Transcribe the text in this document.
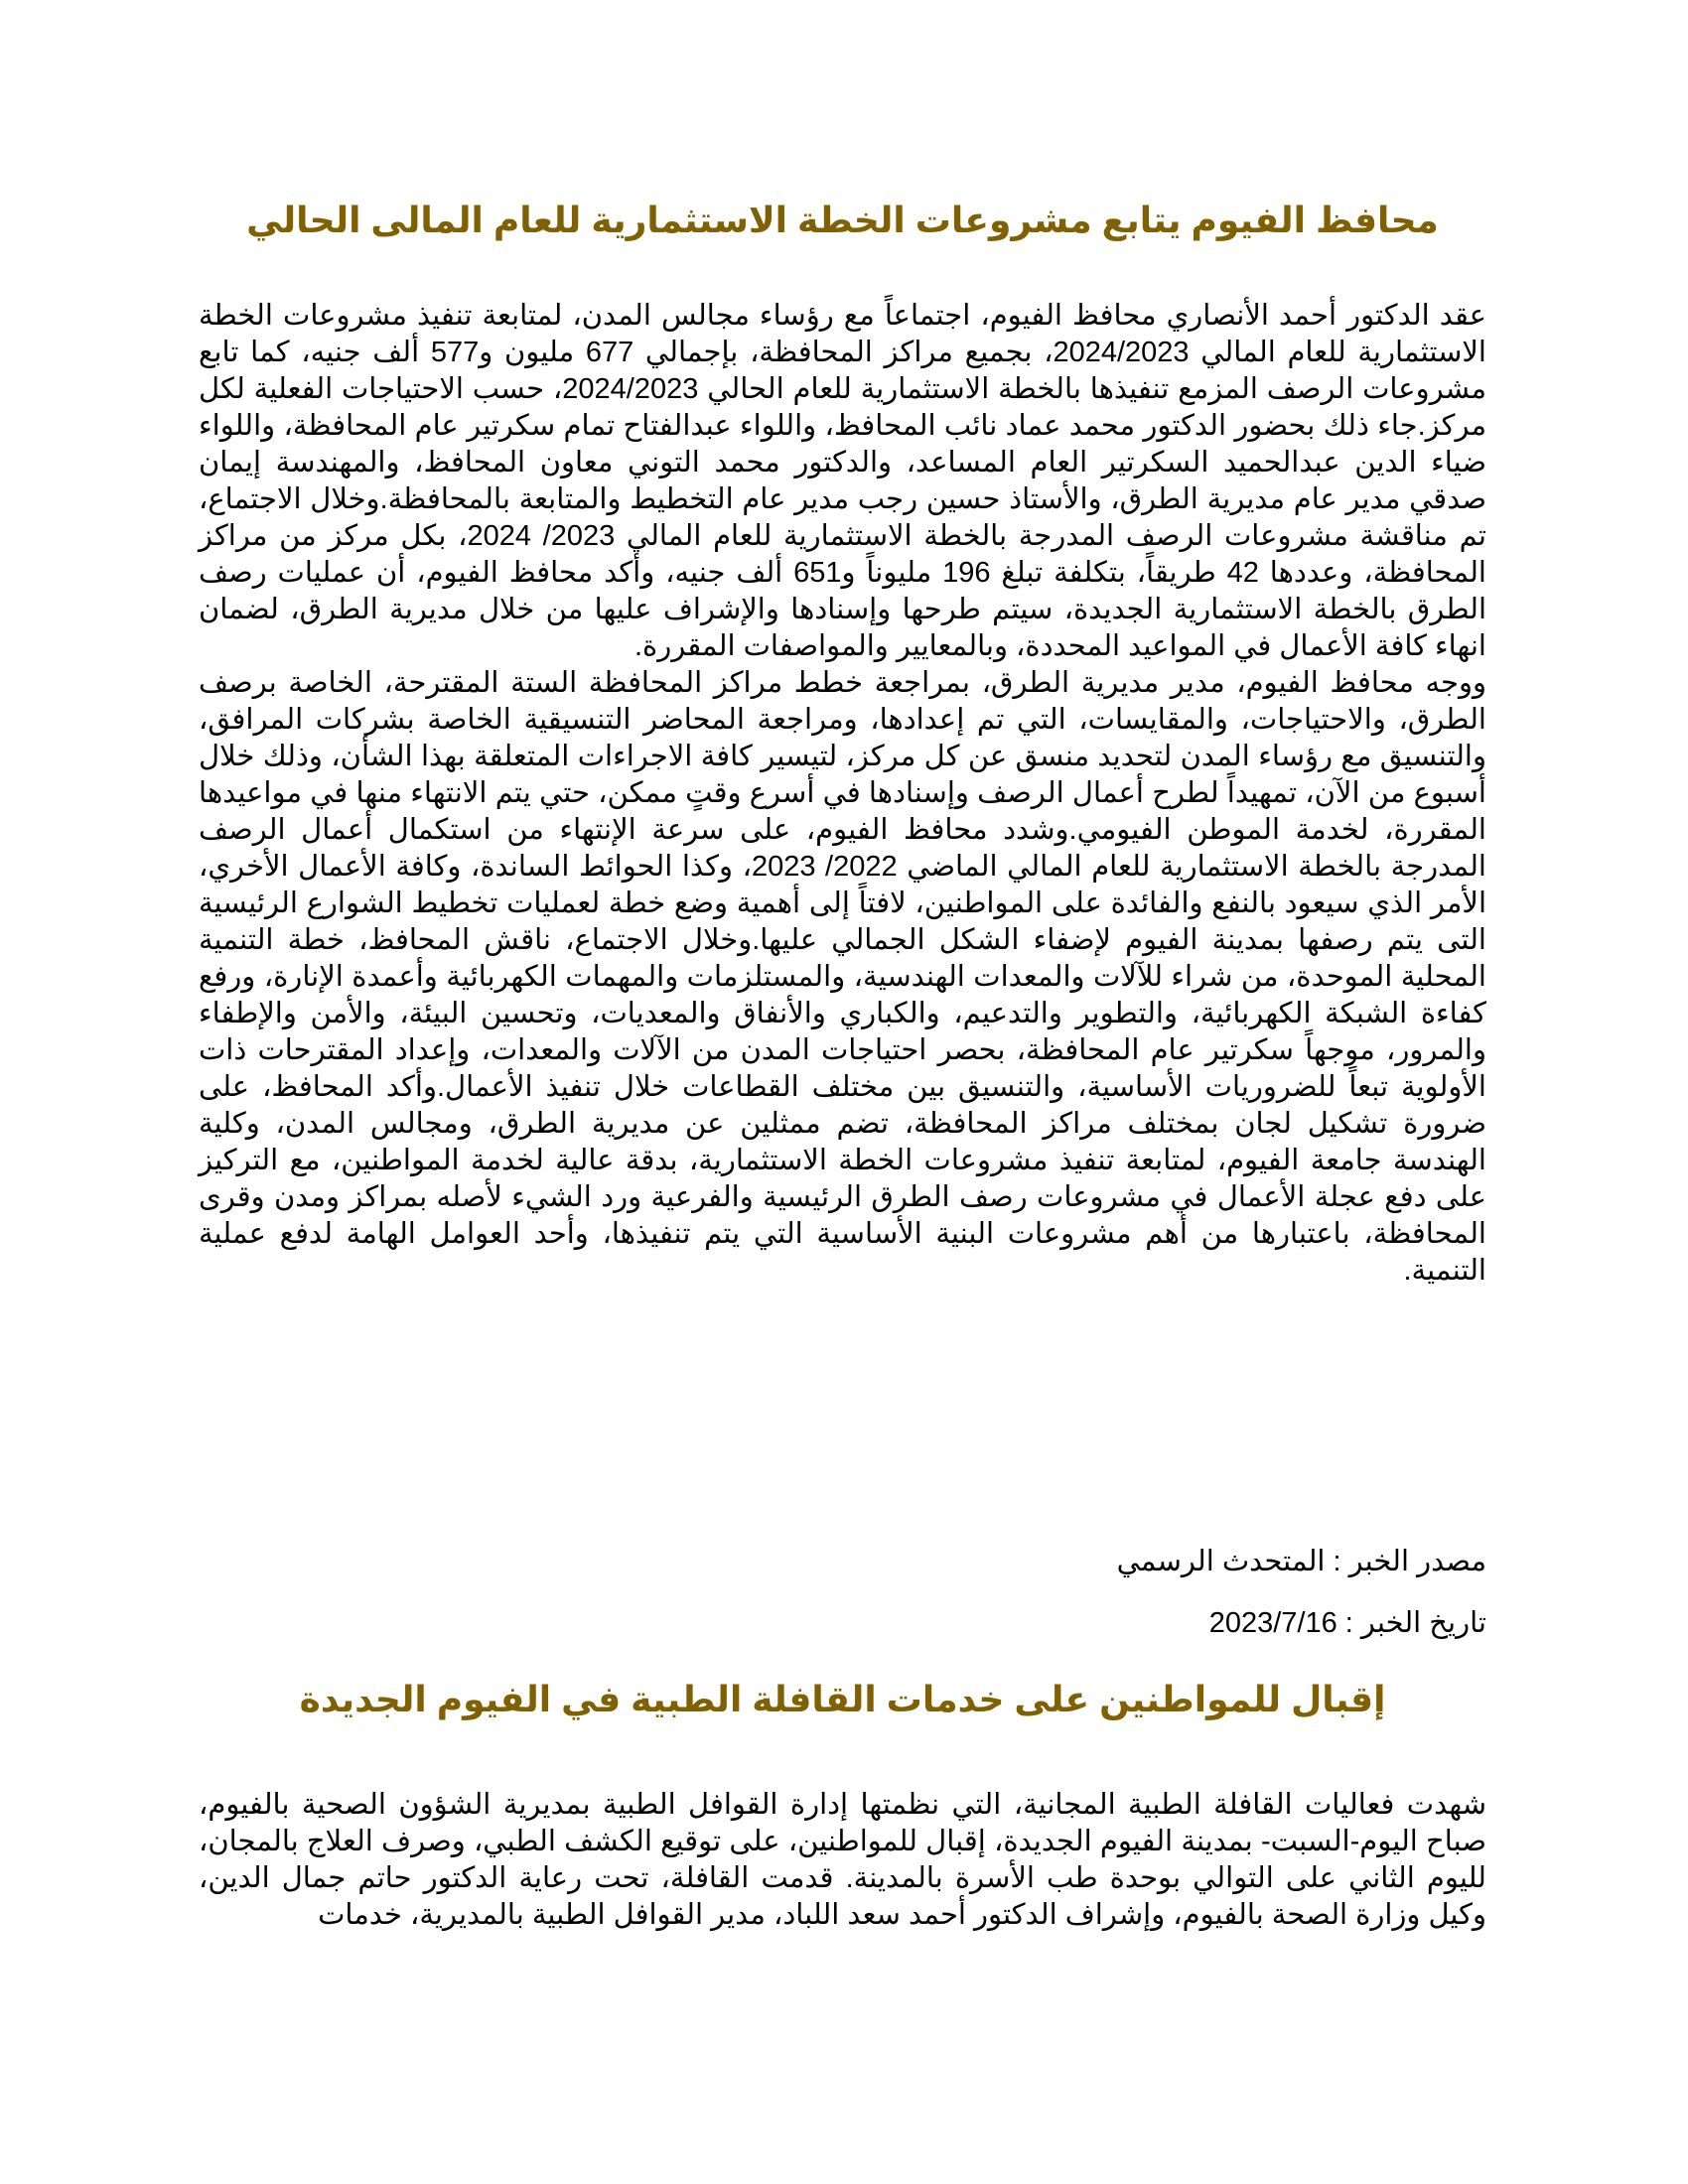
محافظ الفيوم يتابع مشروعات الخطة الاستثمارية للعام المالى الحالي

عقد الدكتور أحمد الأنصاري محافظ الفيوم، اجتماعاً مع رؤساء مجالس المدن، لمتابعة تنفيذ مشروعات الخطة الاستثمارية للعام المالي 2024/2023، بجميع مراكز المحافظة، بإجمالي 677 مليون و577 ألف جنيه، كما تابع مشروعات الرصف المزمع تنفيذها بالخطة الاستثمارية للعام الحالي 2024/2023، حسب الاحتياجات الفعلية لكل مركز.جاء ذلك بحضور الدكتور محمد عماد نائب المحافظ، واللواء عبدالفتاح تمام سكرتير عام المحافظة، واللواء ضياء الدين عبدالحميد السكرتير العام المساعد، والدكتور محمد التوني معاون المحافظ، والمهندسة إيمان صدقي مدير عام مديرية الطرق، والأستاذ حسين رجب مدير عام التخطيط والمتابعة بالمحافظة.وخلال الاجتماع، تم مناقشة مشروعات الرصف المدرجة بالخطة الاستثمارية للعام المالي 2023/ 2024، بكل مركز من مراكز المحافظة، وعددها 42 طريقاً، بتكلفة تبلغ 196 مليوناً و651 ألف جنيه، وأكد محافظ الفيوم، أن عمليات رصف الطرق بالخطة الاستثمارية الجديدة، سيتم طرحها وإسنادها والإشراف عليها من خلال مديرية الطرق، لضمان انهاء كافة الأعمال في المواعيد المحددة، وبالمعايير والمواصفات المقررة.

ووجه محافظ الفيوم، مدير مديرية الطرق، بمراجعة خطط مراكز المحافظة الستة المقترحة، الخاصة برصف الطرق، والاحتياجات، والمقايسات، التي تم إعدادها، ومراجعة المحاضر التنسيقية الخاصة بشركات المرافق، والتنسيق مع رؤساء المدن لتحديد منسق عن كل مركز، لتيسير كافة الاجراءات المتعلقة بهذا الشأن، وذلك خلال أسبوع من الآن، تمهيداً لطرح أعمال الرصف وإسنادها في أسرع وقتٍ ممكن، حتي يتم الانتهاء منها في مواعيدها المقررة، لخدمة الموطن الفيومي.وشدد محافظ الفيوم، على سرعة الإنتهاء من استكمال أعمال الرصف المدرجة بالخطة الاستثمارية للعام المالي الماضي 2022/ 2023، وكذا الحوائط الساندة، وكافة الأعمال الأخري، الأمر الذي سيعود بالنفع والفائدة على المواطنين، لافتاً إلى أهمية وضع خطة لعمليات تخطيط الشوارع الرئيسية التى يتم رصفها بمدينة الفيوم لإضفاء الشكل الجمالي عليها.وخلال الاجتماع، ناقش المحافظ، خطة التنمية المحلية الموحدة، من شراء للآلات والمعدات الهندسية، والمستلزمات والمهمات الكهربائية وأعمدة الإنارة، ورفع كفاءة الشبكة الكهربائية، والتطوير والتدعيم، والكباري والأنفاق والمعديات، وتحسين البيئة، والأمن والإطفاء والمرور، موجهاً سكرتير عام المحافظة، بحصر احتياجات المدن من الآلات والمعدات، وإعداد المقترحات ذات الأولوية تبعاً للضروريات الأساسية، والتنسيق بين مختلف القطاعات خلال تنفيذ الأعمال.وأكد المحافظ، على ضرورة تشكيل لجان بمختلف مراكز المحافظة، تضم ممثلين عن مديرية الطرق، ومجالس المدن، وكلية الهندسة جامعة الفيوم، لمتابعة تنفيذ مشروعات الخطة الاستثمارية، بدقة عالية لخدمة المواطنين، مع التركيز على دفع عجلة الأعمال في مشروعات رصف الطرق الرئيسية والفرعية ورد الشيء لأصله بمراكز ومدن وقرى المحافظة، باعتبارها من أهم مشروعات البنية الأساسية التي يتم تنفيذها، وأحد العوامل الهامة لدفع عملية التنمية.

مصدر الخبر : المتحدث الرسمي

تاريخ الخبر : 2023/7/16

إقبال للمواطنين على خدمات القافلة الطبية في الفيوم الجديدة

شهدت فعاليات القافلة الطبية المجانية، التي نظمتها إدارة القوافل الطبية بمديرية الشؤون الصحية بالفيوم، صباح اليوم-السبت- بمدينة الفيوم الجديدة، إقبال للمواطنين، على توقيع الكشف الطبي، وصرف العلاج بالمجان، لليوم الثاني على التوالي بوحدة طب الأسرة بالمدينة. قدمت القافلة، تحت رعاية الدكتور حاتم جمال الدين، وكيل وزارة الصحة بالفيوم، وإشراف الدكتور أحمد سعد اللباد، مدير القوافل الطبية بالمديرية، خدمات
